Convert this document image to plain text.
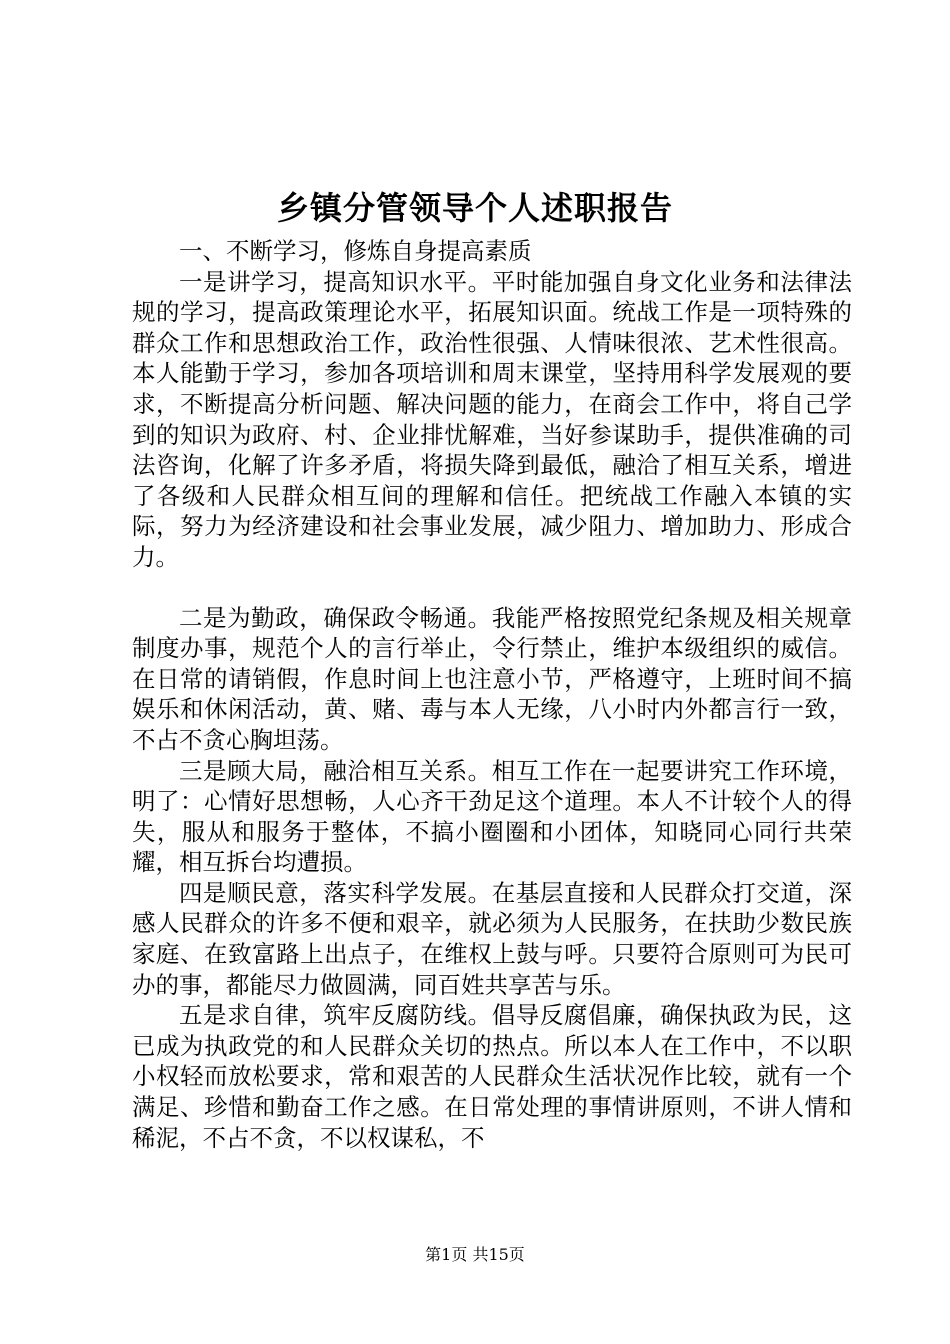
乡镇分管领导个人述职报告

一、不断学习，修炼自身提高素质

一是讲学习，提高知识水平。平时能加强自身文化业务和法律法规的学习，提高政策理论水平，拓展知识面。统战工作是一项特殊的群众工作和思想政治工作，政治性很强、人情味很浓、艺术性很高。本人能勤于学习，参加各项培训和周末课堂，坚持用科学发展观的要求，不断提高分析问题、解决问题的能力，在商会工作中，将自己学到的知识为政府、村、企业排忧解难，当好参谋助手，提供准确的司法咨询，化解了许多矛盾，将损失降到最低，融洽了相互关系，增进了各级和人民群众相互间的理解和信任。把统战工作融入本镇的实际，努力为经济建设和社会事业发展，减少阻力、增加助力、形成合力。

二是为勤政，确保政令畅通。我能严格按照党纪条规及相关规章制度办事，规范个人的言行举止，令行禁止，维护本级组织的威信。在日常的请销假，作息时间上也注意小节，严格遵守，上班时间不搞娱乐和休闲活动，黄、赌、毒与本人无缘，八小时内外都言行一致，不占不贪心胸坦荡。

三是顾大局，融洽相互关系。相互工作在一起要讲究工作环境，明了：心情好思想畅，人心齐干劲足这个道理。本人不计较个人的得失，服从和服务于整体，不搞小圈圈和小团体，知晓同心同行共荣耀，相互拆台均遭损。

四是顺民意，落实科学发展。在基层直接和人民群众打交道，深感人民群众的许多不便和艰辛，就必须为人民服务，在扶助少数民族家庭、在致富路上出点子，在维权上鼓与呼。只要符合原则可为民可办的事，都能尽力做圆满，同百姓共享苦与乐。

五是求自律，筑牢反腐防线。倡导反腐倡廉，确保执政为民，这已成为执政党的和人民群众关切的热点。所以本人在工作中，不以职小权轻而放松要求，常和艰苦的人民群众生活状况作比较，就有一个满足、珍惜和勤奋工作之感。在日常处理的事情讲原则，不讲人情和稀泥，不占不贪，不以权谋私，不

第1页 共15页
